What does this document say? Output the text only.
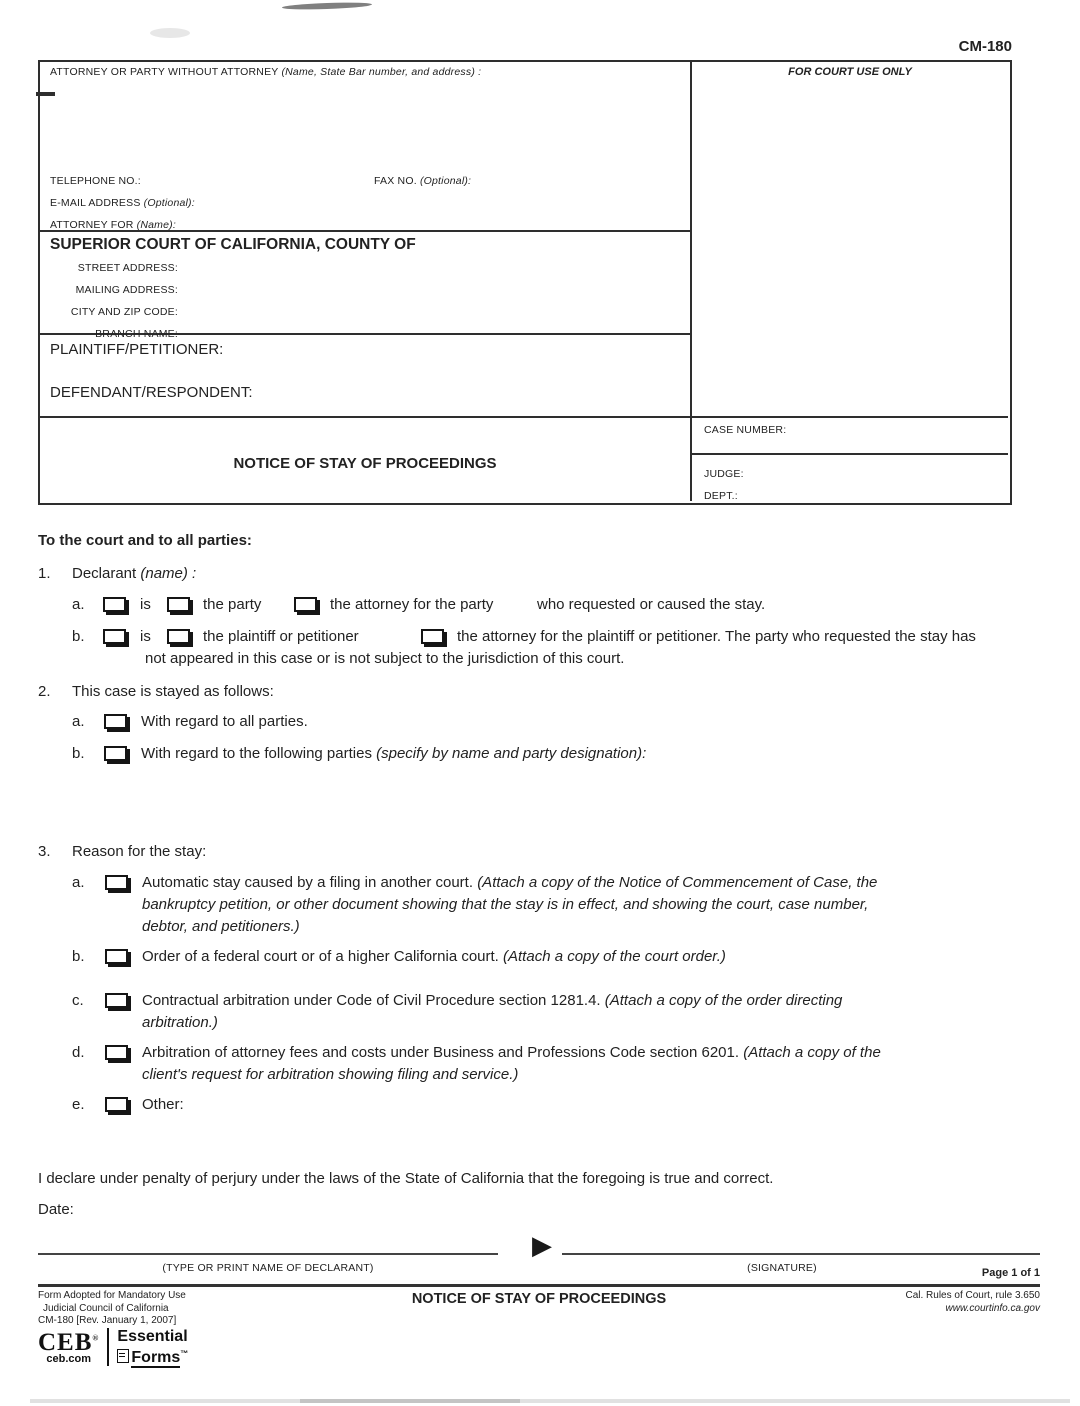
CM-180
ATTORNEY OR PARTY WITHOUT ATTORNEY (Name, State Bar number, and address) :
TELEPHONE NO.:	FAX NO. (Optional):
E-MAIL ADDRESS (Optional):
ATTORNEY FOR (Name):
FOR COURT USE ONLY
SUPERIOR COURT OF CALIFORNIA, COUNTY OF
STREET ADDRESS:
MAILING ADDRESS:
CITY AND ZIP CODE:
BRANCH NAME:
PLAINTIFF/PETITIONER:
DEFENDANT/RESPONDENT:
NOTICE OF STAY OF PROCEEDINGS
CASE NUMBER:
JUDGE:
DEPT.:
To the court and to all parties:
1. Declarant (name) :
a.	is	the party	the attorney for the party	who requested or caused the stay.
b.	is	the plaintiff or petitioner	the attorney for the plaintiff or petitioner. The party who requested the stay has
not appeared in this case or is not subject to the jurisdiction of this court.
2. This case is stayed as follows:
a.	With regard to all parties.
b.	With regard to the following parties (specify by name and party designation):
3. Reason for the stay:
a.	Automatic stay caused by a filing in another court. (Attach a copy of the Notice of Commencement of Case, the
bankruptcy petition, or other document showing that the stay is in effect, and showing the court, case number,
debtor, and petitioners.)
b.	Order of a federal court or of a higher California court. (Attach a copy of the court order.)
c.	Contractual arbitration under Code of Civil Procedure section 1281.4. (Attach a copy of the order directing
arbitration.)
d.	Arbitration of attorney fees and costs under Business and Professions Code section 6201. (Attach a copy of the
client's request for arbitration showing filing and service.)
e.	Other:
I declare under penalty of perjury under the laws of the State of California that the foregoing is true and correct.
Date:
▶
(TYPE OR PRINT NAME OF DECLARANT)	(SIGNATURE)	Page 1 of 1
Form Adopted for Mandatory Use
Judicial Council of California
CM-180 [Rev. January 1, 2007]
NOTICE OF STAY OF PROCEEDINGS	Cal. Rules of Court, rule 3.650
www.courtinfo.ca.gov
CEB®
ceb.com
Essential
Forms™
